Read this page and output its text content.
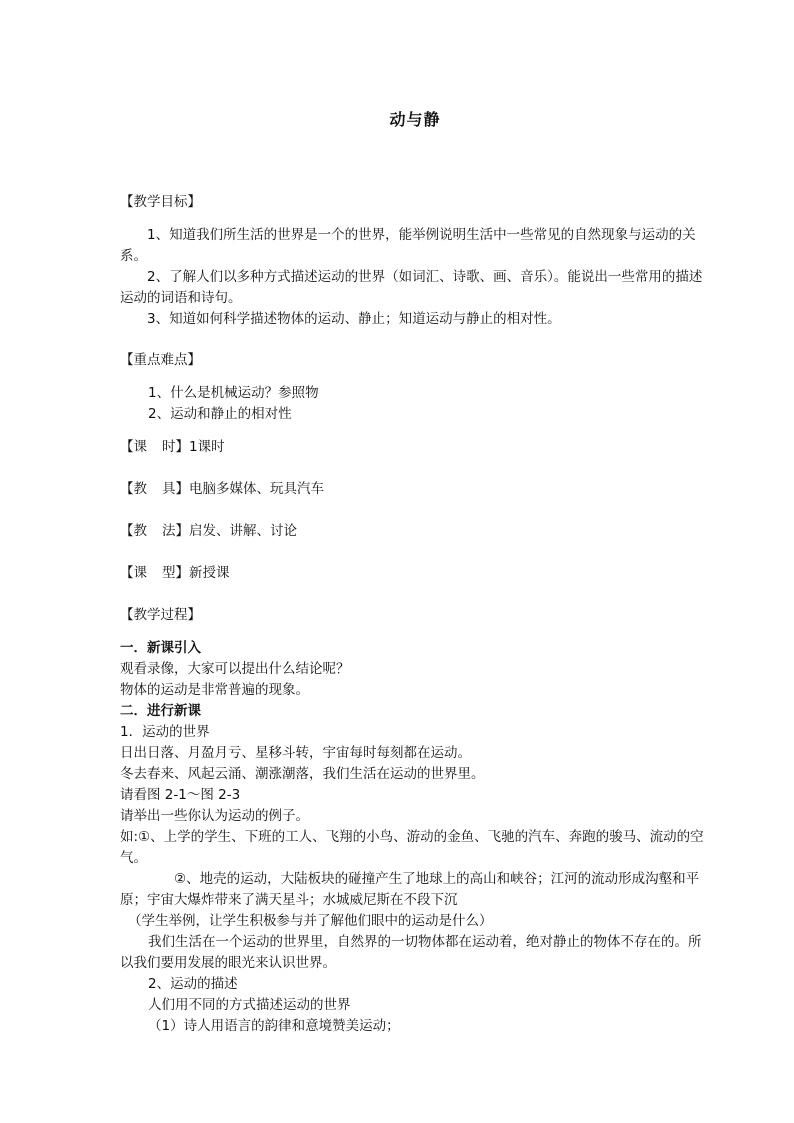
动与静
【教学目标】
1、知道我们所生活的世界是一个的世界，能举例说明生活中一些常见的自然现象与运动的关系。
2、了解人们以多种方式描述运动的世界（如词汇、诗歌、画、音乐）。能说出一些常用的描述运动的词语和诗句。
3、知道如何科学描述物体的运动、静止；知道运动与静止的相对性。
【重点难点】
1、什么是机械运动？参照物
2、运动和静止的相对性
【课 时】1课时
【教 具】电脑多媒体、玩具汽车
【教 法】启发、讲解、讨论
【课 型】新授课
【教学过程】
一．新课引入
观看录像，大家可以提出什么结论呢？
物体的运动是非常普遍的现象。
二．进行新课
1．运动的世界
日出日落、月盈月亏、星移斗转，宇宙每时每刻都在运动。
冬去春来、风起云涌、潮涨潮落，我们生活在运动的世界里。
请看图 2-1～图 2-3
请举出一些你认为运动的例子。
如:①、上学的学生、下班的工人、飞翔的小鸟、游动的金鱼、飞驰的汽车、奔跑的骏马、流动的空气。
②、地壳的运动，大陆板块的碰撞产生了地球上的高山和峡谷；江河的流动形成沟壑和平原；宇宙大爆炸带来了满天星斗；水城威尼斯在不段下沉
（学生举例，让学生积极参与并了解他们眼中的运动是什么）
我们生活在一个运动的世界里，自然界的一切物体都在运动着，绝对静止的物体不存在的。所以我们要用发展的眼光来认识世界。
2、运动的描述
人们用不同的方式描述运动的世界
（1）诗人用语言的韵律和意境赞美运动；
